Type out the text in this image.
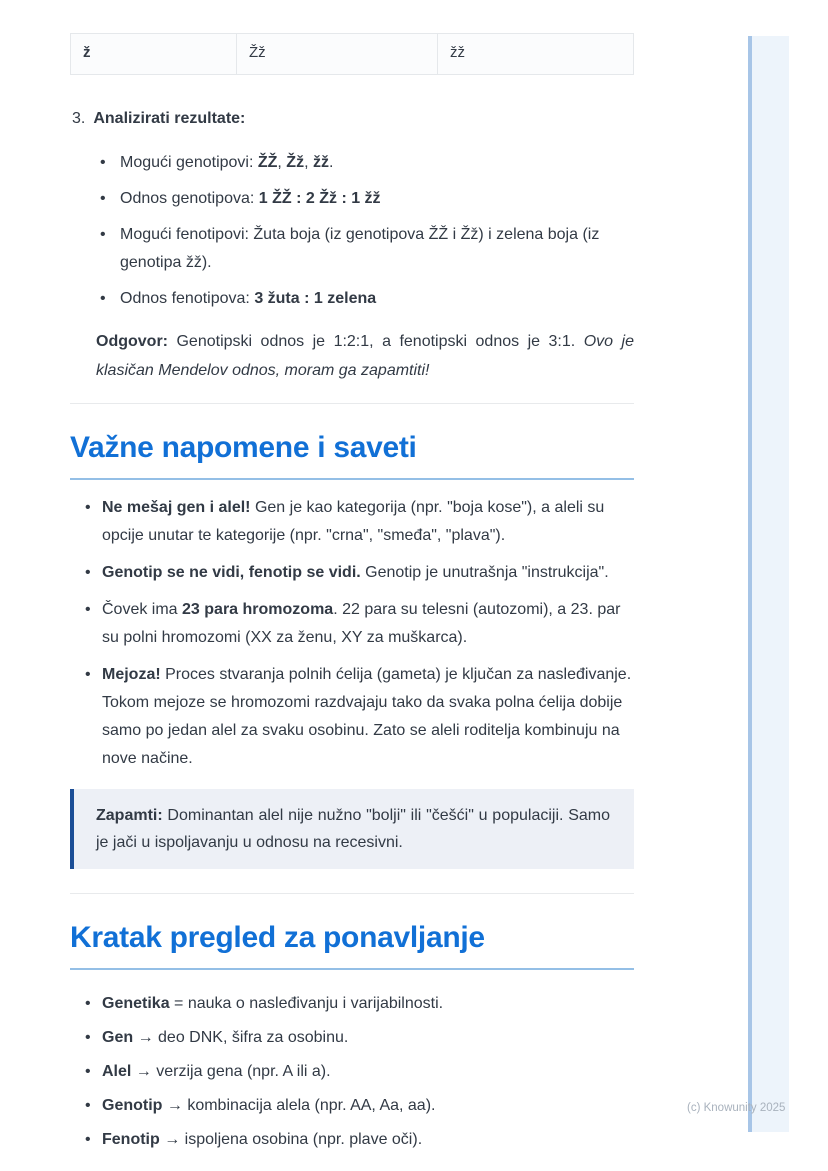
ž	Žž	žž
3. Analizirati rezultate:
• Mogući genotipovi: ŽŽ, Žž, žž.
• Odnos genotipova: 1 ŽŽ : 2 Žž : 1 žž
• Mogući fenotipovi: Žuta boja (iz genotipova ŽŽ i Žž) i zelena boja (iz genotipa žž).
• Odnos fenotipova: 3 žuta : 1 zelena

Odgovor: Genotipski odnos je 1:2:1, a fenotipski odnos je 3:1. Ovo je klasičan Mendelov odnos, moram ga zapamtiti!

Važne napomene i saveti
• Ne mešaj gen i alel! Gen je kao kategorija (npr. "boja kose"), a aleli su opcije unutar te kategorije (npr. "crna", "smeđa", "plava").
• Genotip se ne vidi, fenotip se vidi. Genotip je unutrašnja "instrukcija".
• Čovek ima 23 para hromozoma. 22 para su telesni (autozomi), a 23. par su polni hromozomi (XX za ženu, XY za muškarca).
• Mejoza! Proces stvaranja polnih ćelija (gameta) je ključan za nasleđivanje. Tokom mejoze se hromozomi razdvajaju tako da svaka polna ćelija dobije samo po jedan alel za svaku osobinu. Zato se aleli roditelja kombinuju na nove načine.

Zapamti: Dominantan alel nije nužno "bolji" ili "češći" u populaciji. Samo je jači u ispoljavanju u odnosu na recesivni.

Kratak pregled za ponavljanje
• Genetika = nauka o nasleđivanju i varijabilnosti.
• Gen → deo DNK, šifra za osobinu.
• Alel → verzija gena (npr. A ili a).
• Genotip → kombinacija alela (npr. AA, Aa, aa).
• Fenotip → ispoljena osobina (npr. plave oči).
(c) Knowunity 2025
